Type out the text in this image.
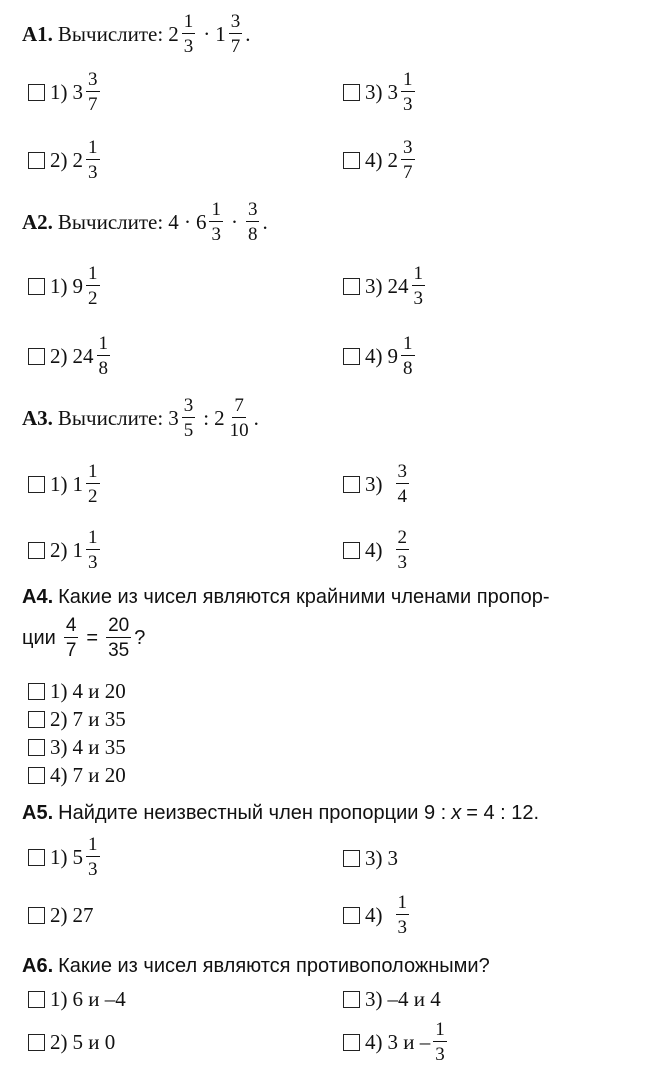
A1. Вычислите: $2 \frac{1}{3} \cdot 1 \frac{3}{7}$ .
1) $3 \frac{3}{7}$	3) $3 \frac{1}{3}$
2) $2 \frac{1}{3}$	4) $2 \frac{3}{7}$
A2. Вычислите: $4 \cdot 6 \frac{1}{3} \cdot \frac{3}{8}$ .
1) $9 \frac{1}{2}$	3) $24 \frac{1}{3}$
2) $24 \frac{1}{8}$	4) $9 \frac{1}{8}$
A3. Вычислите: $3 \frac{3}{5}$ : $2 \frac{7}{10}$ .
1) $1 \frac{1}{2}$	$3) \frac{3}{4}$
2) $1 \frac{1}{3}$	$4) \frac{2}{3}$
A4. Какие из чисел являются крайними членами пропор-
ции $\frac{4}{7} = \frac{20}{35}$ ?
1) 4 и 20
2) 7 и 35
3) 4 и 35
4) 7 и 20
A5. Найдите неизвестный член пропорции 9 : x = 4 : 12.
1) $5 \frac{1}{3}$	3) 3
2) 27	$4) \frac{1}{3}$
A6. Какие из чисел являются противоположными?
1) 6 и –4	3) –4 и 4
2) 5 и 0	4) 3 и – $\frac{1}{3}$
